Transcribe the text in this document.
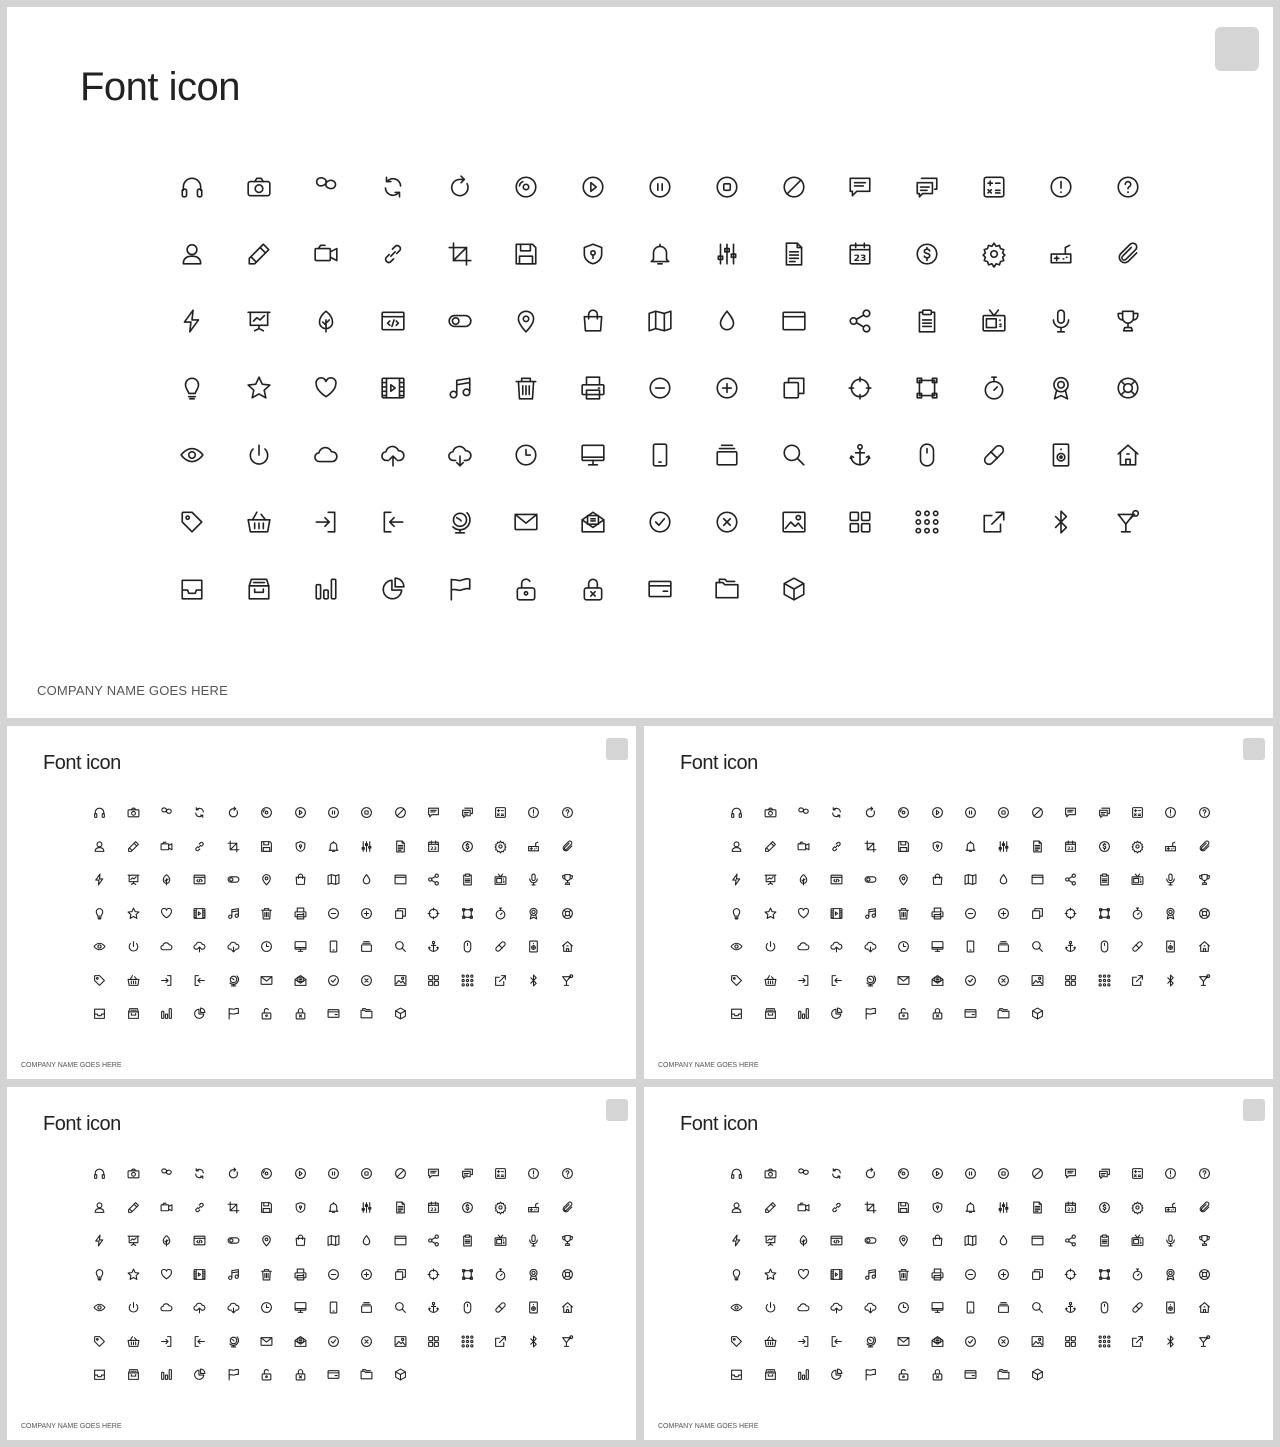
Font icon
23
COMPANY NAME GOES HERE
Font icon
23
COMPANY NAME GOES HERE
Font icon
23
COMPANY NAME GOES HERE
Font icon
23
COMPANY NAME GOES HERE
Font icon
23
COMPANY NAME GOES HERE
